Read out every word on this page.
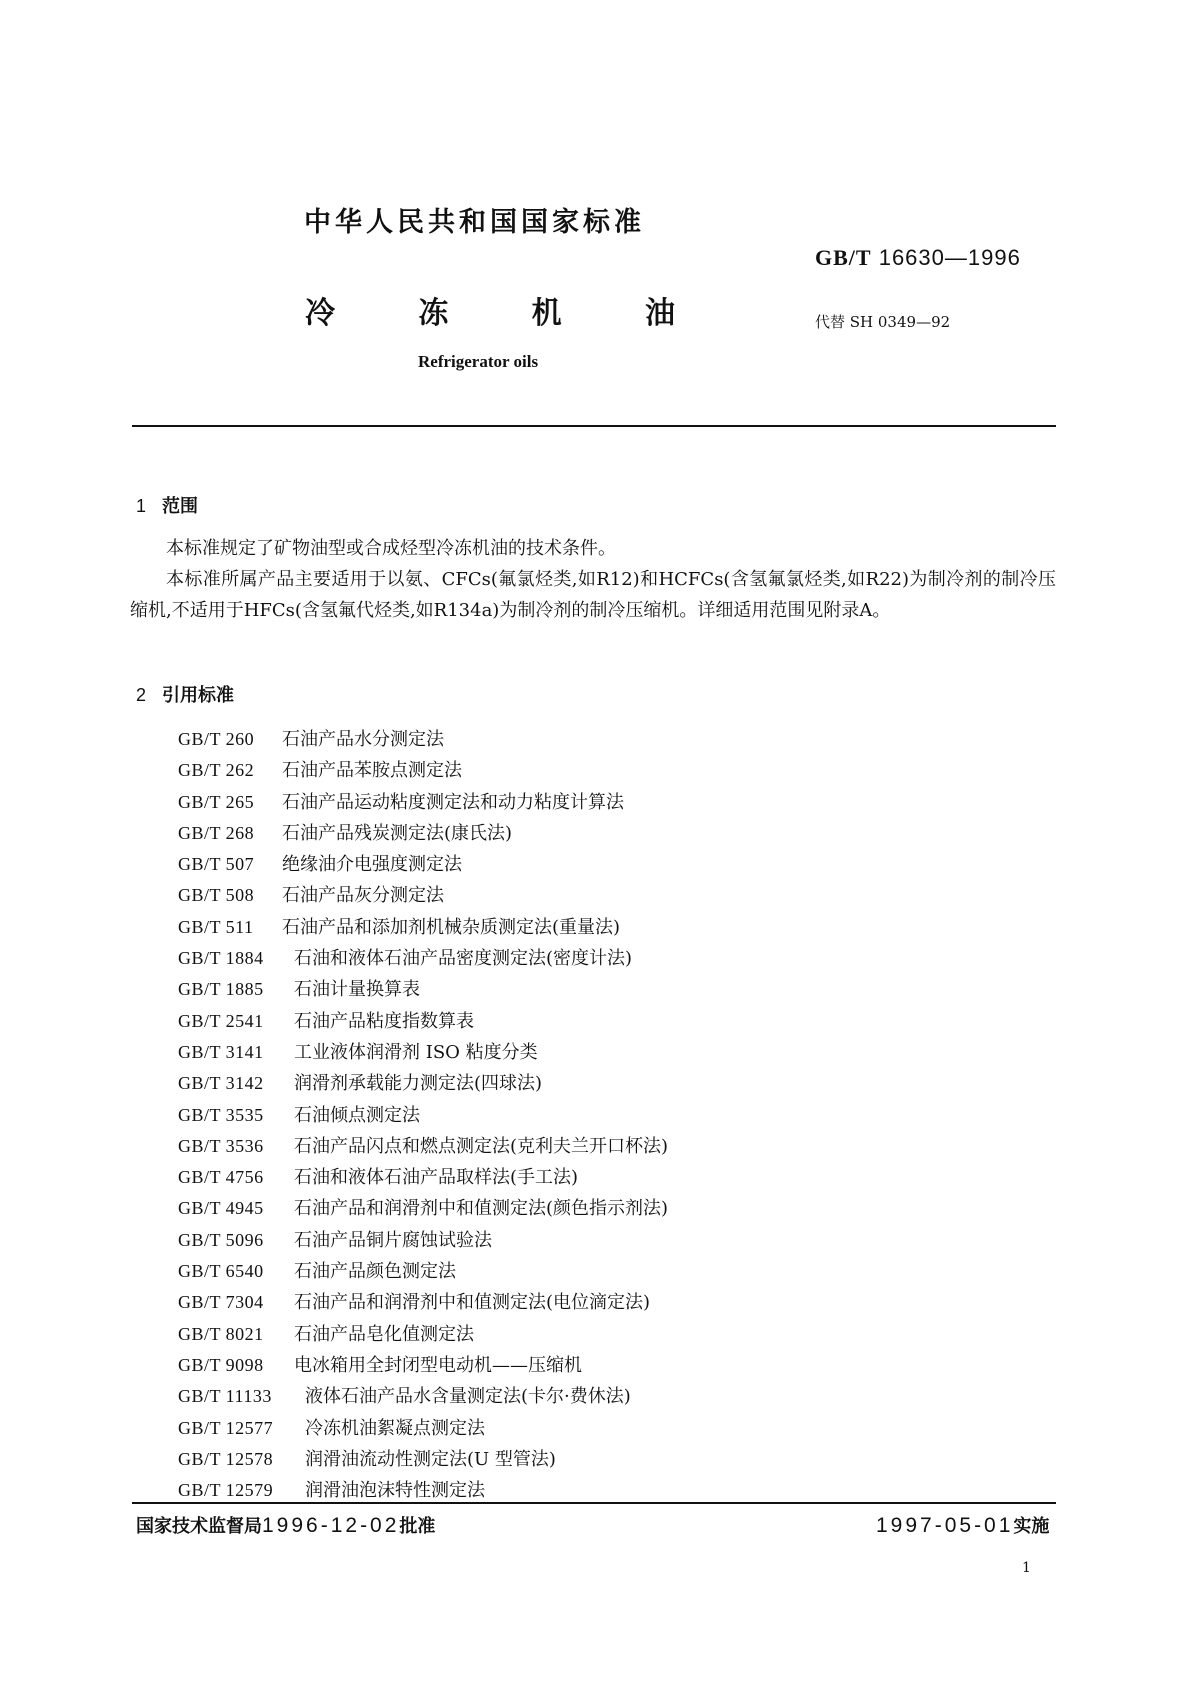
中华人民共和国国家标准
GB/T 16630—1996
冷	冻	机	油	代替 SH 0349—92
Refrigerator oils
1 范围
本标准规定了矿物油型或合成烃型冷冻机油的技术条件。
本标准所属产品主要适用于以氨、CFCs(氟氯烃类,如R12)和HCFCs(含氢氟氯烃类,如R22)为制冷剂的制冷压缩机,不适用于HFCs(含氢氟代烃类,如R134a)为制冷剂的制冷压缩机。详细适用范围见附录A。
2 引用标准
GB/T 260 石油产品水分测定法
GB/T 262 石油产品苯胺点测定法
GB/T 265 石油产品运动粘度测定法和动力粘度计算法
GB/T 268 石油产品残炭测定法(康氏法)
GB/T 507 绝缘油介电强度测定法
GB/T 508 石油产品灰分测定法
GB/T 511 石油产品和添加剂机械杂质测定法(重量法)
GB/T 1884 石油和液体石油产品密度测定法(密度计法)
GB/T 1885 石油计量换算表
GB/T 2541 石油产品粘度指数算表
GB/T 3141 工业液体润滑剂 ISO 粘度分类
GB/T 3142 润滑剂承载能力测定法(四球法)
GB/T 3535 石油倾点测定法
GB/T 3536 石油产品闪点和燃点测定法(克利夫兰开口杯法)
GB/T 4756 石油和液体石油产品取样法(手工法)
GB/T 4945 石油产品和润滑剂中和值测定法(颜色指示剂法)
GB/T 5096 石油产品铜片腐蚀试验法
GB/T 6540 石油产品颜色测定法
GB/T 7304 石油产品和润滑剂中和值测定法(电位滴定法)
GB/T 8021 石油产品皂化值测定法
GB/T 9098 电冰箱用全封闭型电动机——压缩机
GB/T 11133 液体石油产品水含量测定法(卡尔·费休法)
GB/T 12577 冷冻机油絮凝点测定法
GB/T 12578 润滑油流动性测定法(U 型管法)
GB/T 12579 润滑油泡沫特性测定法
国家技术监督局1996-12-02批准	1997-05-01实施
1
